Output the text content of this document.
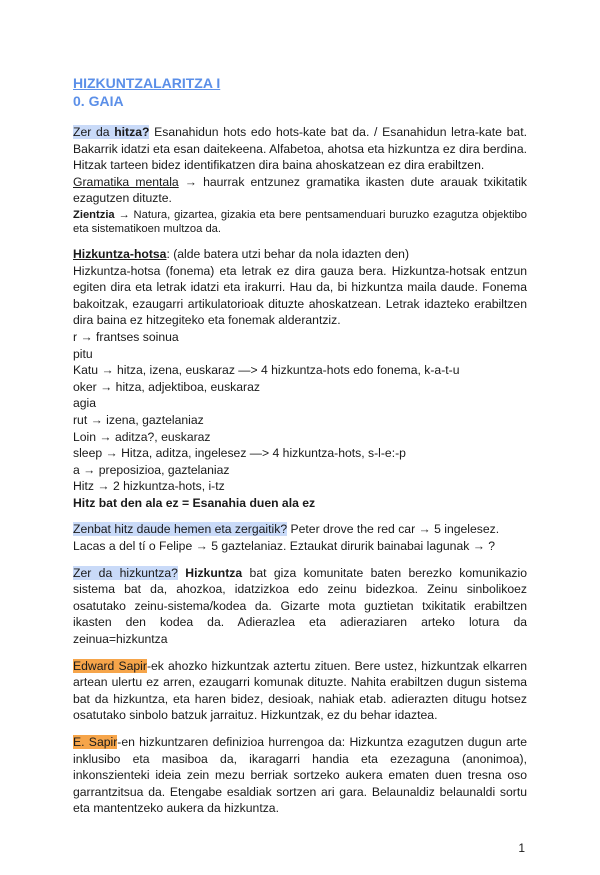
HIZKUNTZALARITZA I
0. GAIA
Zer da hitza? Esanahidun hots edo hots-kate bat da. / Esanahidun letra-kate bat. Bakarrik idatzi eta esan daitekeena. Alfabetoa, ahotsa eta hizkuntza ez dira berdina. Hitzak tarteen bidez identifikatzen dira baina ahoskatzean ez dira erabiltzen.
Gramatika mentala → haurrak entzunez gramatika ikasten dute arauak txikitatik ezagutzen dituzte.
Zientzia → Natura, gizartea, gizakia eta bere pentsamenduari buruzko ezagutza objektibo eta sistematikoen multzoa da.
Hizkuntza-hotsa: (alde batera utzi behar da nola idazten den)
Hizkuntza-hotsa (fonema) eta letrak ez dira gauza bera. Hizkuntza-hotsak entzun egiten dira eta letrak idatzi eta irakurri. Hau da, bi hizkuntza maila daude. Fonema bakoitzak, ezaugarri artikulatorioak dituzte ahoskatzean. Letrak idazteko erabiltzen dira baina ez hitzegiteko eta fonemak alderantziz.
r → frantses soinua
pitu
Katu → hitza, izena, euskaraz —> 4 hizkuntza-hots edo fonema, k-a-t-u
oker → hitza, adjektiboa, euskaraz
agia
rut → izena, gaztelaniaz
Loin → aditza?, euskaraz
sleep → Hitza, aditza, ingelesez —> 4 hizkuntza-hots, s-l-e:-p
a → preposizioa, gaztelaniaz
Hitz → 2 hizkuntza-hots, i-tz
Hitz bat den ala ez = Esanahia duen ala ez
Zenbat hitz daude hemen eta zergaitik? Peter drove the red car → 5 ingelesez. Lacas a del tí o Felipe → 5 gaztelaniaz. Eztaukat dirurik bainabai lagunak → ?
Zer da hizkuntza? Hizkuntza bat giza komunitate baten berezko komunikazio sistema bat da, ahozkoa, idatzizkoa edo zeinu bidezkoa. Zeinu sinbolikoez osatutako zeinu-sistema/kodea da. Gizarte mota guztietan txikitatik erabiltzen ikasten den kodea da. Adierazlea eta adieraziaren arteko lotura da zeinua=hizkuntza
Edward Sapir-ek ahozko hizkuntzak aztertu zituen. Bere ustez, hizkuntzak elkarren artean ulertu ez arren, ezaugarri komunak dituzte. Nahita erabiltzen dugun sistema bat da hizkuntza, eta haren bidez, desioak, nahiak etab. adierazten ditugu hotsez osatutako sinbolo batzuk jarraituz. Hizkuntzak, ez du behar idaztea.
E. Sapir-en hizkuntzaren definizioa hurrengoa da: Hizkuntza ezagutzen dugun arte inklusibo eta masiboa da, ikaragarri handia eta ezezaguna (anonimoa), inkonszienteki ideia zein mezu berriak sortzeko aukera ematen duen tresna oso garrantzitsua da. Etengabe esaldiak sortzen ari gara. Belaunaldiz belaunaldi sortu eta mantentzeko aukera da hizkuntza.
1
